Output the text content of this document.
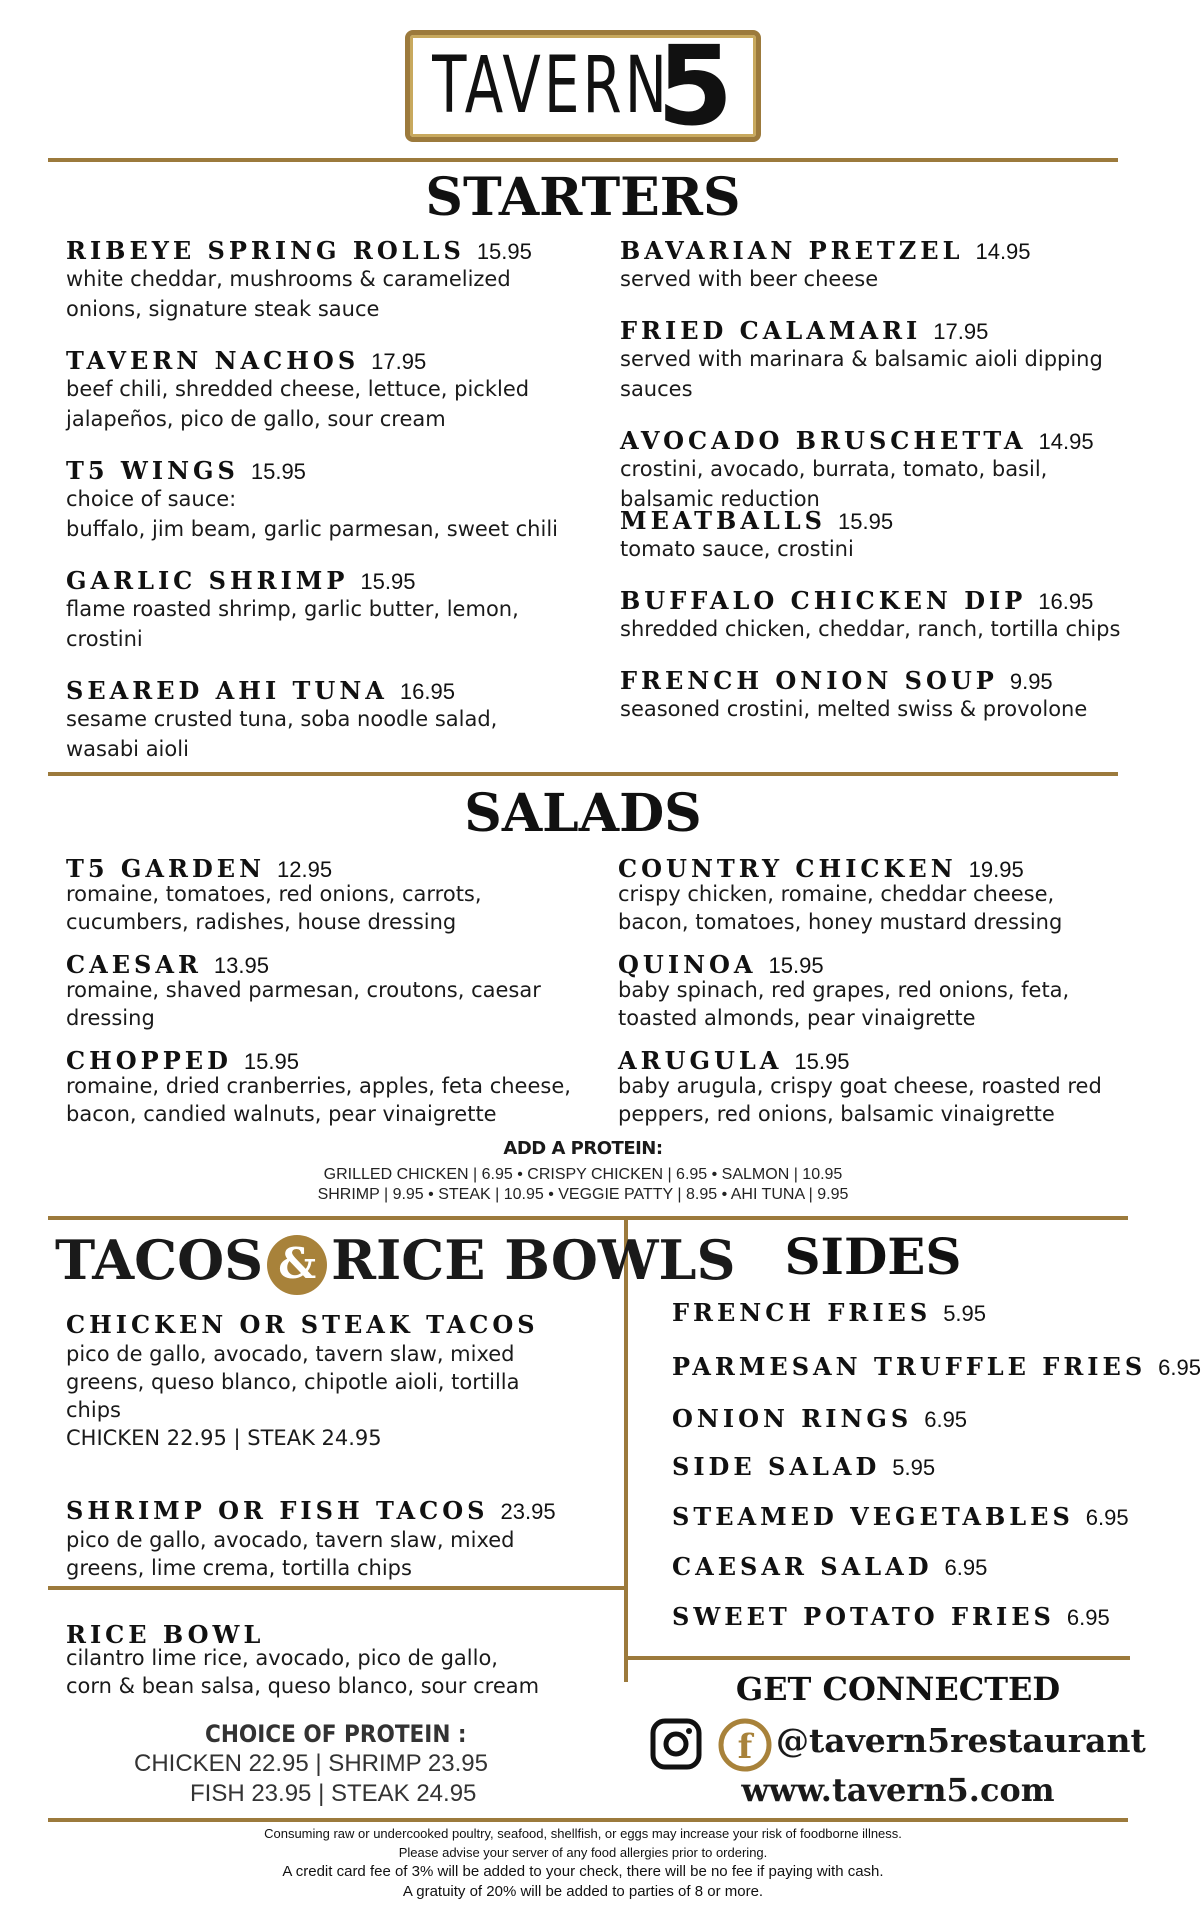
TAVERN
5
STARTERS
RIBEYE SPRING ROLLS 15.95
white cheddar, mushrooms & caramelized
onions, signature steak sauce
TAVERN NACHOS 17.95
beef chili, shredded cheese, lettuce, pickled
jalapeños, pico de gallo, sour cream
T5 WINGS 15.95
choice of sauce:
buffalo, jim beam, garlic parmesan, sweet chili
GARLIC SHRIMP 15.95
flame roasted shrimp, garlic butter, lemon,
crostini
SEARED AHI TUNA 16.95
sesame crusted tuna, soba noodle salad,
wasabi aioli
BAVARIAN PRETZEL 14.95
served with beer cheese
FRIED CALAMARI 17.95
served with marinara & balsamic aioli dipping
sauces
AVOCADO BRUSCHETTA 14.95
crostini, avocado, burrata, tomato, basil,
balsamic reduction
MEATBALLS 15.95
tomato sauce, crostini
BUFFALO CHICKEN DIP 16.95
shredded chicken, cheddar, ranch, tortilla chips
FRENCH ONION SOUP 9.95
seasoned crostini, melted swiss & provolone
SALADS
T5 GARDEN 12.95
romaine, tomatoes, red onions, carrots,
cucumbers, radishes, house dressing
CAESAR 13.95
romaine, shaved parmesan, croutons, caesar
dressing
CHOPPED 15.95
romaine, dried cranberries, apples, feta cheese,
bacon, candied walnuts, pear vinaigrette
COUNTRY CHICKEN 19.95
crispy chicken, romaine, cheddar cheese,
bacon, tomatoes, honey mustard dressing
QUINOA 15.95
baby spinach, red grapes, red onions, feta,
toasted almonds, pear vinaigrette
ARUGULA 15.95
baby arugula, crispy goat cheese, roasted red
peppers, red onions, balsamic vinaigrette
ADD A PROTEIN:
GRILLED CHICKEN | 6.95 • CRISPY CHICKEN | 6.95 • SALMON | 10.95
SHRIMP | 9.95 • STEAK | 10.95 • VEGGIE PATTY | 8.95 • AHI TUNA | 9.95
TACOS & RICE BOWLS
CHICKEN OR STEAK TACOS
pico de gallo, avocado, tavern slaw, mixed
greens, queso blanco, chipotle aioli, tortilla
chips
CHICKEN 22.95 | STEAK 24.95
SHRIMP OR FISH TACOS 23.95
pico de gallo, avocado, tavern slaw, mixed
greens, lime crema, tortilla chips
RICE BOWL
cilantro lime rice, avocado, pico de gallo,
corn & bean salsa, queso blanco, sour cream
CHOICE OF PROTEIN :
CHICKEN 22.95 | SHRIMP 23.95
FISH 23.95 | STEAK 24.95
SIDES
FRENCH FRIES 5.95
PARMESAN TRUFFLE FRIES 6.95
ONION RINGS 6.95
SIDE SALAD 5.95
STEAMED VEGETABLES 6.95
CAESAR SALAD 6.95
SWEET POTATO FRIES 6.95
GET CONNECTED
f @tavern5restaurant
www.tavern5.com
Consuming raw or undercooked poultry, seafood, shellfish, or eggs may increase your risk of foodborne illness.
Please advise your server of any food allergies prior to ordering.
A credit card fee of 3% will be added to your check, there will be no fee if paying with cash.
A gratuity of 20% will be added to parties of 8 or more.
